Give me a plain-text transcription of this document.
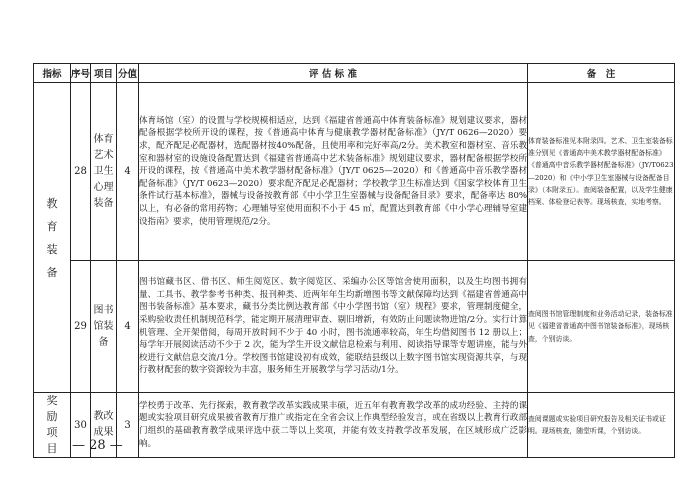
指标	序号	项目	分值	评 估 标 准	备　注
教育装备	28	体育艺术卫生心理装备	4	体育场馆（室）的设置与学校规模相适应，达到《福建省普通高中体育装备标准》规划建议要求，器材配备根据学校所开设的课程，按《普通高中体育与健康教学器材配备标准》（JY/T 0626—2020）要求，配齐配足必配器材，选配器材按40%配备，且使用率和完好率高/2分。美术教室和器材室、音乐教室和器材室的设施设备配置达到《福建省普通高中艺术装备标准》规划建议要求，器材配备根据学校所开设的课程，按《普通高中美术教学器材配备标准》（JY/T 0625—2020）和《普通高中音乐教学器材配备标准》（JY/T 0623—2020）要求配齐配足必配器材；学校教学卫生标准达到《国家学校体育卫生条件试行基本标准》，器械与设备按教育部《中小学卫生室器械与设备配备目录》要求，配备率达 80%以上，有必备的常用药物；心理辅导室使用面积不小于 45 ㎡，配置达到教育部《中小学心理辅导室建设指南》要求，使用管理规范/2分。	体育装备标准见本附录四。艺术、卫生室装备标准分别见《普通高中美术教学器材配备标准》《普通高中音乐教学器材配备标准》（JY/T0623—2020）和《中小学卫生室器械与设备配备目录》（本附录五）。查阅装备配置，以及学生健康档案、体检登记表等。现场核查，实地考察。
	29	图书馆装备	4	图书馆藏书区、借书区、师生阅览区、数字阅览区、采编办公区等馆舍使用面积，以及生均图书拥有量、工具书、教学参考书种类、报刊种类、近两年年生均新增图书等文献保障均达到《福建省普通高中图书装备标准》基本要求，藏书分类比例达教育部《中小学图书馆（室）规程》要求，管理制度健全，采购验收责任机制规范科学，能定期开展清理审查、剔旧增新，有效防止问题读物进馆/2分。实行计算机管理、全开架借阅，每周开放时间不少于 40 小时，图书流通率较高，年生均借阅图书 12 册以上；每学年开展阅读活动不少于 2 次，能为学生开设文献信息检索与利用、阅读指导课等专题讲座，能与外校进行文献信息交流/1分。学校图书馆建设初有成效，能联结县级以上数字图书馆实现资源共享，与现行教材配套的数字资源较为丰富，服务师生开展教学与学习活动/1分。	查阅图书馆管理制度和业务活动记录，装备标准见《福建省普通高中图书馆装备标准》，现场核查，个别访谈。
奖励项目	30	教改成果	3	学校勇于改革、先行探索，教育教学改革实践成果丰硕，近五年有教育教学改革的成功经验、主持的课题或实验项目研究成果被省教育厅推广或指定在全省会议上作典型经验发言，或在省级以上教育行政部门组织的基础教育教学成果评选中获二等以上奖项，并能有效支持教学改革发展，在区域形成广泛影响。	查阅课题或实验项目研究报告及相关证书或证明。现场核查，随堂听课，个别访谈。
— 28 —
